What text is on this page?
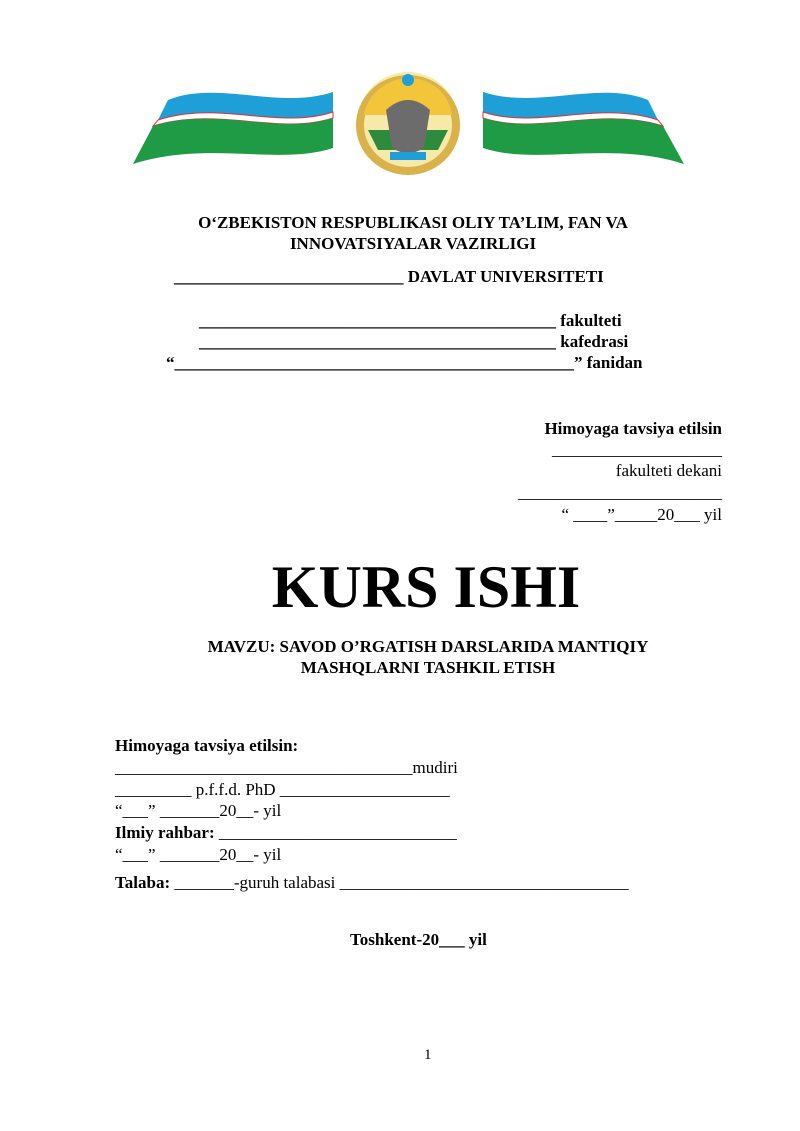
O‘ZBEKISTON RESPUBLIKASI OLIY TA’LIM, FAN VA
INNOVATSIYALAR VAZIRLIGI
___________________________ DAVLAT UNIVERSITETI
__________________________________________ fakulteti
__________________________________________ kafedrasi
“_______________________________________________” fanidan
Himoyaga tavsiya etilsin
____________________
fakulteti dekani
________________________
“ ____”_____20___ yil
KURS ISHI
MAVZU: SAVOD O’RGATISH DARSLARIDA MANTIQIY
MASHQLARNI TASHKIL ETISH
Himoyaga tavsiya etilsin:
___________________________________mudiri
_________ p.f.f.d. PhD ____________________
“___” _______20__- yil
Ilmiy rahbar: ____________________________
“___” _______20__- yil
Talaba: _______-guruh talabasi __________________________________
Toshkent-20___ yil
1
